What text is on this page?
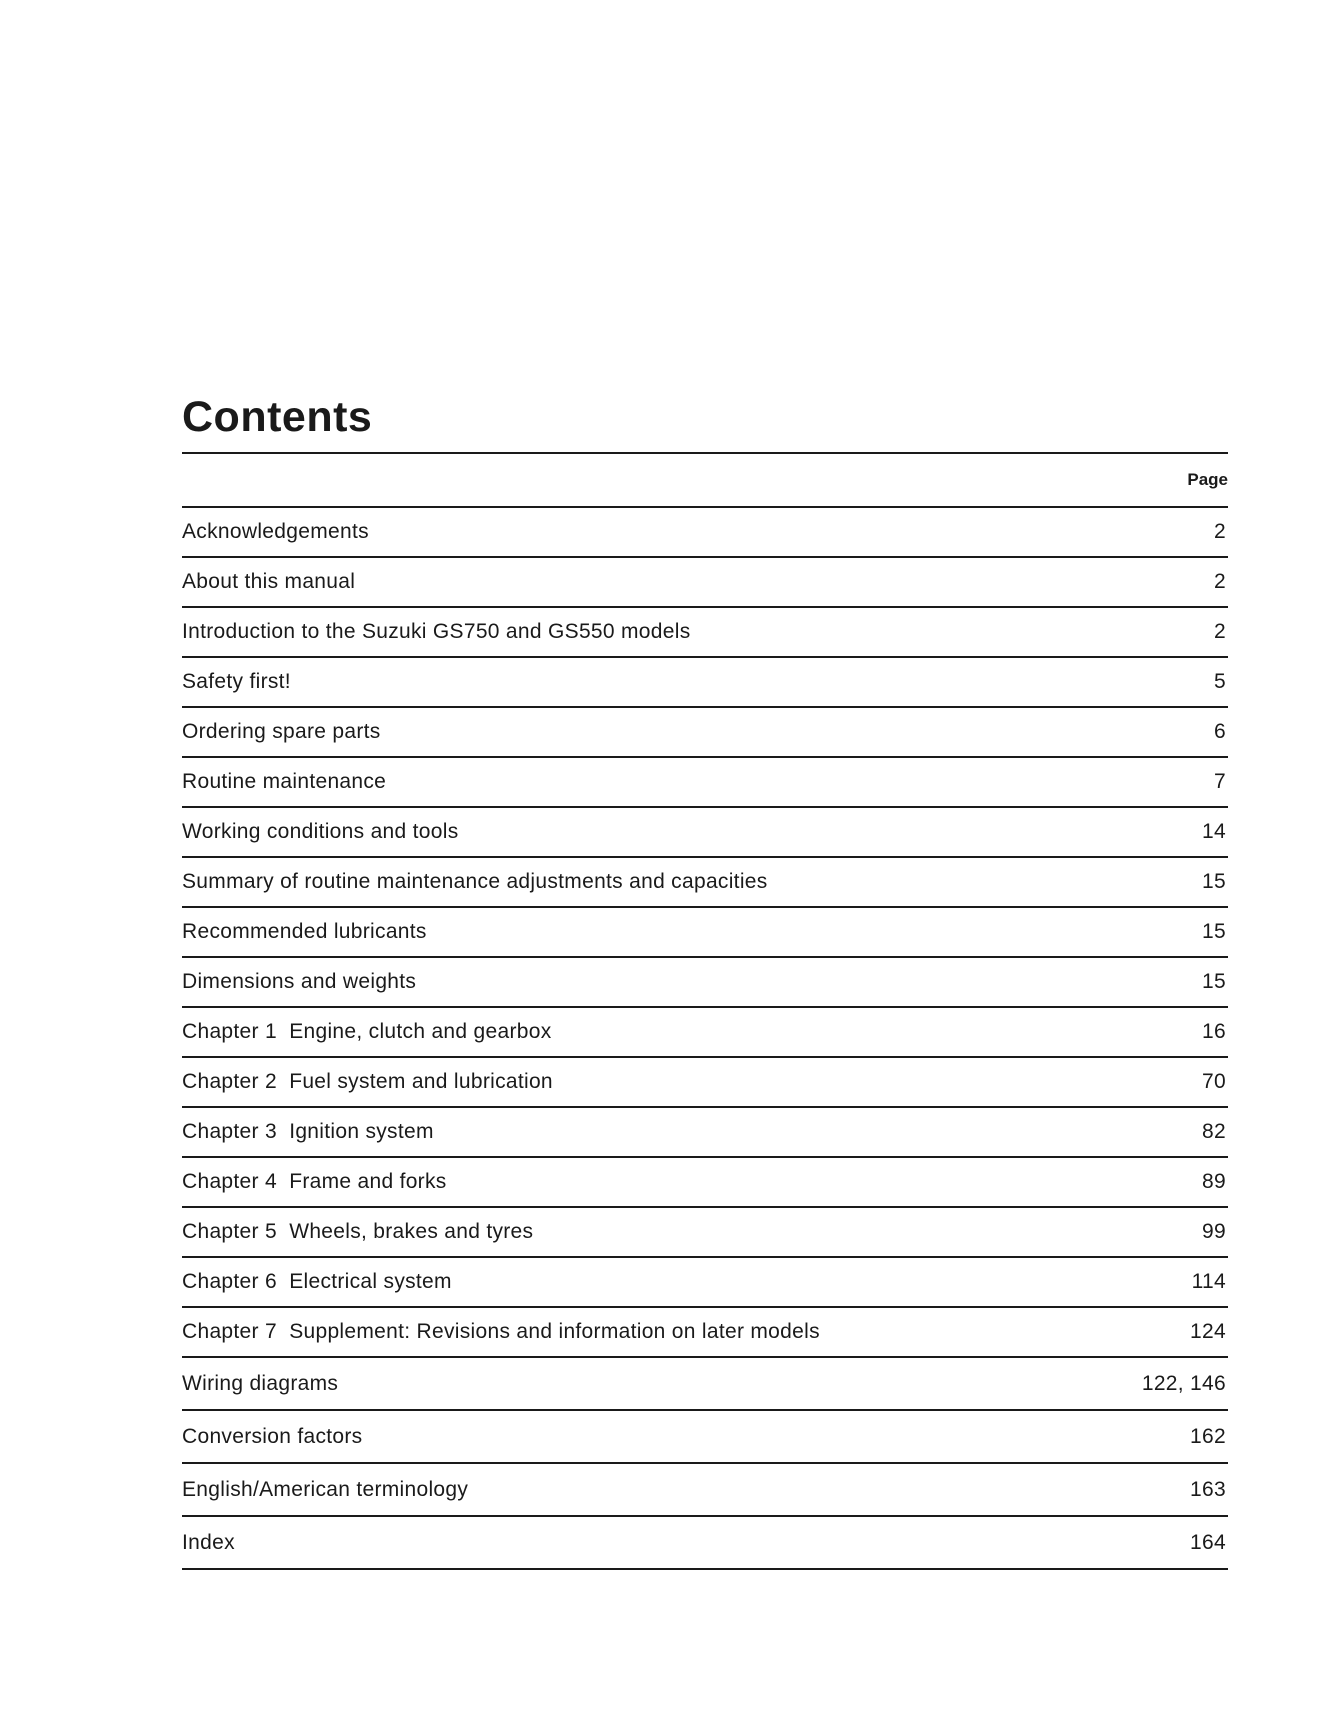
Contents
Page
Acknowledgements	2
About this manual	2
Introduction to the Suzuki GS750 and GS550 models	2
Safety first!	5
Ordering spare parts	6
Routine maintenance	7
Working conditions and tools	14
Summary of routine maintenance adjustments and capacities	15
Recommended lubricants	15
Dimensions and weights	15
Chapter 1  Engine, clutch and gearbox	16
Chapter 2  Fuel system and lubrication	70
Chapter 3  Ignition system	82
Chapter 4  Frame and forks	89
Chapter 5  Wheels, brakes and tyres	99
Chapter 6  Electrical system	114
Chapter 7  Supplement: Revisions and information on later models	124
Wiring diagrams	122, 146
Conversion factors	162
English/American terminology	163
Index	164
